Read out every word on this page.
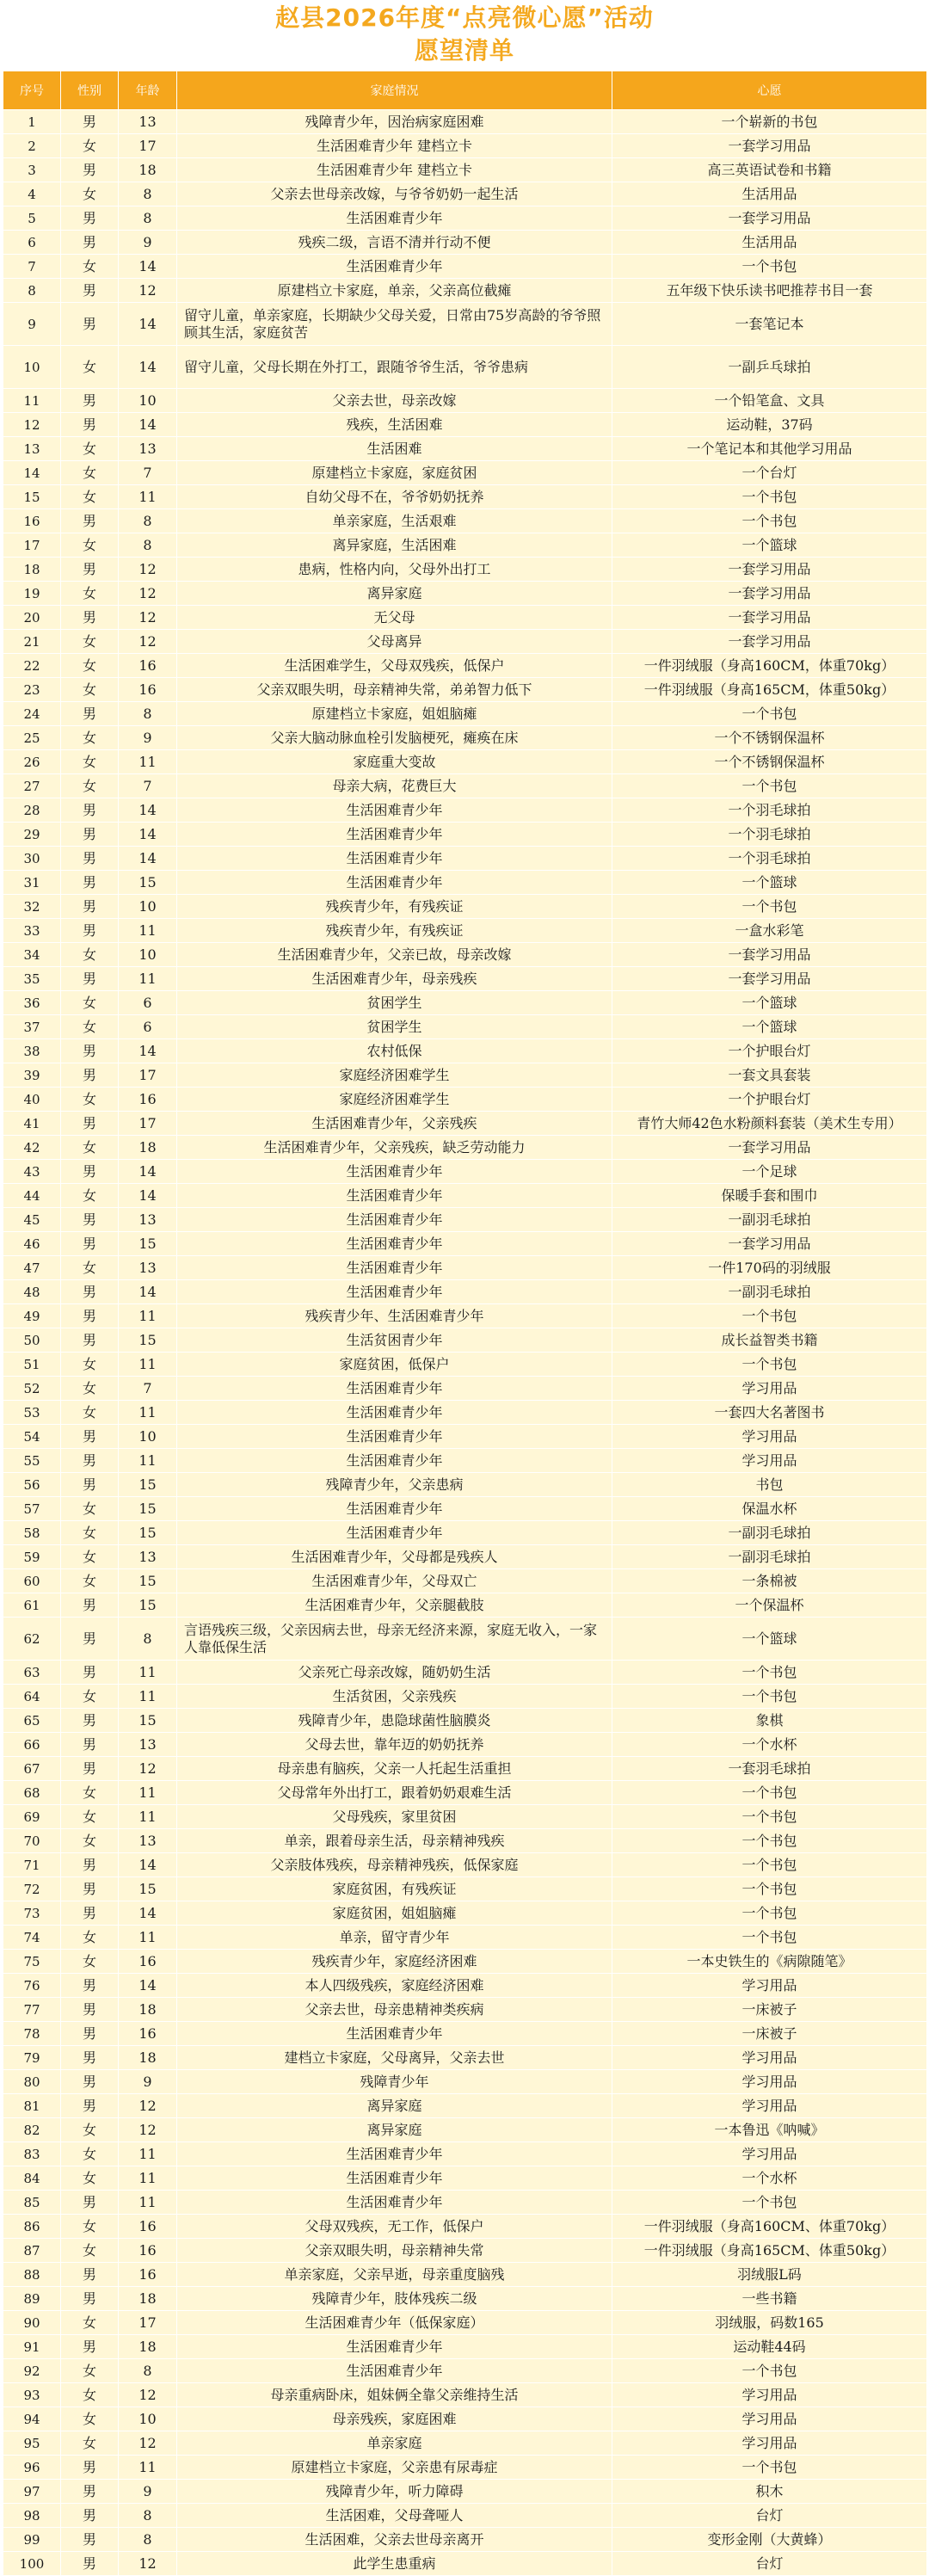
赵县2026年度“点亮微心愿”活动
愿望清单
序号	性别	年龄	家庭情况	心愿
1	男	13	残障青少年，因治病家庭困难	一个崭新的书包
2	女	17	生活困难青少年 建档立卡	一套学习用品
3	男	18	生活困难青少年 建档立卡	高三英语试卷和书籍
4	女	8	父亲去世母亲改嫁，与爷爷奶奶一起生活	生活用品
5	男	8	生活困难青少年	一套学习用品
6	男	9	残疾二级，言语不清并行动不便	生活用品
7	女	14	生活困难青少年	一个书包
8	男	12	原建档立卡家庭，单亲，父亲高位截瘫	五年级下快乐读书吧推荐书目一套
9	男	14	留守儿童，单亲家庭，长期缺少父母关爱，日常由75岁高龄的爷爷照顾其生活，家庭贫苦	一套笔记本
10	女	14	留守儿童，父母长期在外打工，跟随爷爷生活，爷爷患病	一副乒乓球拍
11	男	10	父亲去世，母亲改嫁	一个铅笔盒、文具
12	男	14	残疾，生活困难	运动鞋，37码
13	女	13	生活困难	一个笔记本和其他学习用品
14	女	7	原建档立卡家庭，家庭贫困	一个台灯
15	女	11	自幼父母不在，爷爷奶奶抚养	一个书包
16	男	8	单亲家庭，生活艰难	一个书包
17	女	8	离异家庭，生活困难	一个篮球
18	男	12	患病，性格内向，父母外出打工	一套学习用品
19	女	12	离异家庭	一套学习用品
20	男	12	无父母	一套学习用品
21	女	12	父母离异	一套学习用品
22	女	16	生活困难学生，父母双残疾，低保户	一件羽绒服（身高160CM，体重70kg）
23	女	16	父亲双眼失明，母亲精神失常，弟弟智力低下	一件羽绒服（身高165CM，体重50kg）
24	男	8	原建档立卡家庭，姐姐脑瘫	一个书包
25	女	9	父亲大脑动脉血栓引发脑梗死，瘫痪在床	一个不锈钢保温杯
26	女	11	家庭重大变故	一个不锈钢保温杯
27	女	7	母亲大病，花费巨大	一个书包
28	男	14	生活困难青少年	一个羽毛球拍
29	男	14	生活困难青少年	一个羽毛球拍
30	男	14	生活困难青少年	一个羽毛球拍
31	男	15	生活困难青少年	一个篮球
32	男	10	残疾青少年，有残疾证	一个书包
33	男	11	残疾青少年，有残疾证	一盒水彩笔
34	女	10	生活困难青少年，父亲已故，母亲改嫁	一套学习用品
35	男	11	生活困难青少年，母亲残疾	一套学习用品
36	女	6	贫困学生	一个篮球
37	女	6	贫困学生	一个篮球
38	男	14	农村低保	一个护眼台灯
39	男	17	家庭经济困难学生	一套文具套装
40	女	16	家庭经济困难学生	一个护眼台灯
41	男	17	生活困难青少年，父亲残疾	青竹大师42色水粉颜料套装（美术生专用）
42	女	18	生活困难青少年，父亲残疾，缺乏劳动能力	一套学习用品
43	男	14	生活困难青少年	一个足球
44	女	14	生活困难青少年	保暖手套和围巾
45	男	13	生活困难青少年	一副羽毛球拍
46	男	15	生活困难青少年	一套学习用品
47	女	13	生活困难青少年	一件170码的羽绒服
48	男	14	生活困难青少年	一副羽毛球拍
49	男	11	残疾青少年、生活困难青少年	一个书包
50	男	15	生活贫困青少年	成长益智类书籍
51	女	11	家庭贫困，低保户	一个书包
52	女	7	生活困难青少年	学习用品
53	女	11	生活困难青少年	一套四大名著图书
54	男	10	生活困难青少年	学习用品
55	男	11	生活困难青少年	学习用品
56	男	15	残障青少年，父亲患病	书包
57	女	15	生活困难青少年	保温水杯
58	女	15	生活困难青少年	一副羽毛球拍
59	女	13	生活困难青少年，父母都是残疾人	一副羽毛球拍
60	女	15	生活困难青少年，父母双亡	一条棉被
61	男	15	生活困难青少年，父亲腿截肢	一个保温杯
62	男	8	言语残疾三级，父亲因病去世，母亲无经济来源，家庭无收入，一家人靠低保生活	一个篮球
63	男	11	父亲死亡母亲改嫁，随奶奶生活	一个书包
64	女	11	生活贫困，父亲残疾	一个书包
65	男	15	残障青少年，患隐球菌性脑膜炎	象棋
66	男	13	父母去世，靠年迈的奶奶抚养	一个水杯
67	男	12	母亲患有脑疾，父亲一人托起生活重担	一套羽毛球拍
68	女	11	父母常年外出打工，跟着奶奶艰难生活	一个书包
69	女	11	父母残疾，家里贫困	一个书包
70	女	13	单亲，跟着母亲生活，母亲精神残疾	一个书包
71	男	14	父亲肢体残疾，母亲精神残疾，低保家庭	一个书包
72	男	15	家庭贫困，有残疾证	一个书包
73	男	14	家庭贫困，姐姐脑瘫	一个书包
74	女	11	单亲，留守青少年	一个书包
75	女	16	残疾青少年，家庭经济困难	一本史铁生的《病隙随笔》
76	男	14	本人四级残疾，家庭经济困难	学习用品
77	男	18	父亲去世，母亲患精神类疾病	一床被子
78	男	16	生活困难青少年	一床被子
79	男	18	建档立卡家庭，父母离异，父亲去世	学习用品
80	男	9	残障青少年	学习用品
81	男	12	离异家庭	学习用品
82	女	12	离异家庭	一本鲁迅《呐喊》
83	女	11	生活困难青少年	学习用品
84	女	11	生活困难青少年	一个水杯
85	男	11	生活困难青少年	一个书包
86	女	16	父母双残疾，无工作，低保户	一件羽绒服（身高160CM、体重70kg）
87	女	16	父亲双眼失明，母亲精神失常	一件羽绒服（身高165CM、体重50kg）
88	男	16	单亲家庭，父亲早逝，母亲重度脑残	羽绒服L码
89	男	18	残障青少年，肢体残疾二级	一些书籍
90	女	17	生活困难青少年（低保家庭）	羽绒服，码数165
91	男	18	生活困难青少年	运动鞋44码
92	女	8	生活困难青少年	一个书包
93	女	12	母亲重病卧床，姐妹俩全靠父亲维持生活	学习用品
94	女	10	母亲残疾，家庭困难	学习用品
95	女	12	单亲家庭	学习用品
96	男	11	原建档立卡家庭，父亲患有尿毒症	一个书包
97	男	9	残障青少年，听力障碍	积木
98	男	8	生活困难，父母聋哑人	台灯
99	男	8	生活困难，父亲去世母亲离开	变形金刚（大黄蜂）
100	男	12	此学生患重病	台灯
